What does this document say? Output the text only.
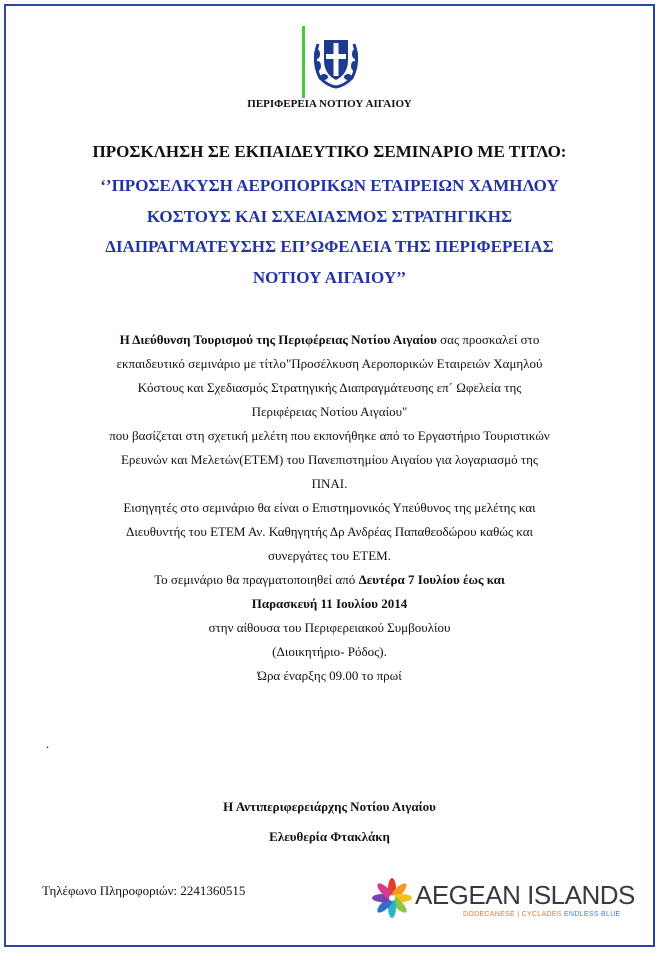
ΠΕΡΙΦΕΡΕΙΑ ΝΟΤΙΟΥ ΑΙΓΑΙΟΥ
ΠΡΟΣΚΛΗΣΗ ΣΕ ΕΚΠΑΙΔΕΥΤΙΚΟ ΣΕΜΙΝΑΡΙΟ ΜΕ ΤΙΤΛΟ:
‘’ΠΡΟΣΕΛΚΥΣΗ ΑΕΡΟΠΟΡΙΚΩΝ ΕΤΑΙΡΕΙΩΝ ΧΑΜΗΛΟΥ
ΚΟΣΤΟΥΣ ΚΑΙ ΣΧΕΔΙΑΣΜΟΣ ΣΤΡΑΤΗΓΙΚΗΣ
ΔΙΑΠΡΑΓΜΑΤΕΥΣΗΣ ΕΠ’ΩΦΕΛΕΙΑ ΤΗΣ ΠΕΡΙΦΕΡΕΙΑΣ
ΝΟΤΙΟΥ ΑΙΓΑΙΟΥ’’

Η Διεύθυνση Τουρισμού της Περιφέρειας Νοτίου Αιγαίου σας προσκαλεί στο

εκπαιδευτικό σεμινάριο με τίτλο"Προσέλκυση Αεροπορικών Εταιρειών Χαμηλού

Κόστους και Σχεδιασμός Στρατηγικής Διαπραγμάτευσης επ΄ Ωφελεία της

Περιφέρειας Νοτίου Αιγαίου"

που βασίζεται στη σχετική μελέτη που εκπονήθηκε από το Εργαστήριο Τουριστικών

Ερευνών και Μελετών(ΕΤΕΜ) του Πανεπιστημίου Αιγαίου για λογαριασμό της

ΠΝΑΙ.

Εισηγητές στο σεμινάριο θα είναι ο Επιστημονικός Υπεύθυνος της μελέτης και

Διευθυντής του ΕΤΕΜ Αν. Καθηγητής Δρ Ανδρέας Παπαθεοδώρου καθώς και

συνεργάτες του ΕΤΕΜ.

Το σεμινάριο θα πραγματοποιηθεί από Δευτέρα 7 Ιουλίου έως και

Παρασκευή 11 Ιουλίου 2014

στην αίθουσα του Περιφερειακού Συμβουλίου

(Διοικητήριο- Ρόδος).

Ώρα έναρξης 09.00 το πρωί

.
Η Αντιπεριφερειάρχης Νοτίου Αιγαίου
Ελευθερία Φτακλάκη
Τηλέφωνο Πληροφοριών: 2241360515	AEGEAN ISLANDS
DODECANESE | CYCLADES ENDLESS BLUE
